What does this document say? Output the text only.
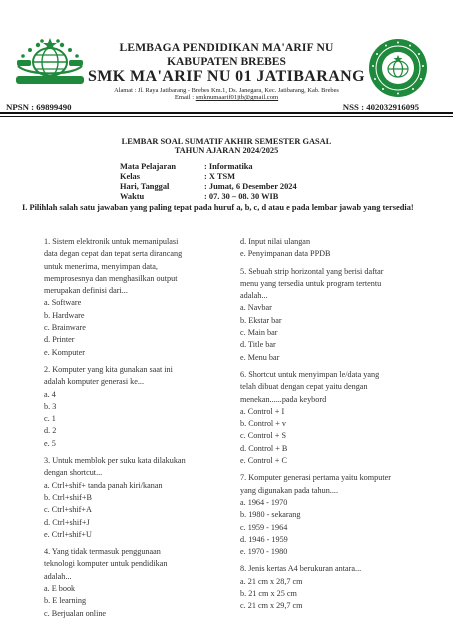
LEMBAGA PENDIDIKAN MA'ARIF NU
KABUPATEN BREBES
SMK MA'ARIF NU 01 JATIBARANG
Alamat : Jl. Raya Jatibarang - Brebes Km.1, Ds. Janegara, Kec. Jatibarang, Kab. Brebes
Email : smknumaarif01jtb@gmail.com
NPSN : 69899490	NSS : 402032916095
LEMBAR SOAL SUMATIF AKHIR SEMESTER GASAL
TAHUN AJARAN 2024/2025
Mata Pelajaran	: Informatika
Kelas	: X TSM
Hari, Tanggal	: Jumat, 6 Desember 2024
Waktu	: 07. 30 – 08. 30 WIB
I. Pilihlah salah satu jawaban yang paling tepat pada huruf a, b, c, d atau e pada lembar jawab yang tersedia!
1. Sistem elektronik untuk memanipulasi
data degan cepat dan tepat serta dirancang
untuk menerima, menyimpan data,
memprosesnya dan menghasilkan output
merupakan definisi dari...
a. Software
b. Hardware
c. Brainware
d. Printer
e. Komputer
2. Komputer yang kita gunakan saat ini
adalah komputer generasi ke...
a. 4
b. 3
c. 1
d. 2
e. 5
3. Untuk memblok per suku kata dilakukan
dengan shortcut...
a. Ctrl+shif+ tanda panah kiri/kanan
b. Ctrl+shif+B
c. Ctrl+shif+A
d. Ctrl+shif+J
e. Ctrl+shif+U
4. Yang tidak termasuk penggunaan
teknologi komputer untuk pendidikan
adalah...
a. E book
b. E learning
c. Berjualan online
d. Input nilai ulangan
e. Penyimpanan data PPDB
5. Sebuah strip horizontal yang berisi daftar
menu yang tersedia untuk program tertentu
adalah...
a. Navbar
b. Ekstar bar
c. Main bar
d. Title bar
e. Menu bar
6. Shortcut untuk menyimpan le/data yang
telah dibuat dengan cepat yaitu dengan
menekan......pada keybord
a. Control + I
b. Control + v
c. Control + S
d. Control + B
e. Control + C
7. Komputer generasi pertama yaitu komputer
yang digunakan pada tahun....
a. 1964 - 1970
b. 1980 - sekarang
c. 1959 - 1964
d. 1946 - 1959
e. 1970 - 1980
8. Jenis kertas A4 berukuran antara...
a. 21 cm x 28,7 cm
b. 21 cm x 25 cm
c. 21 cm x 29,7 cm
